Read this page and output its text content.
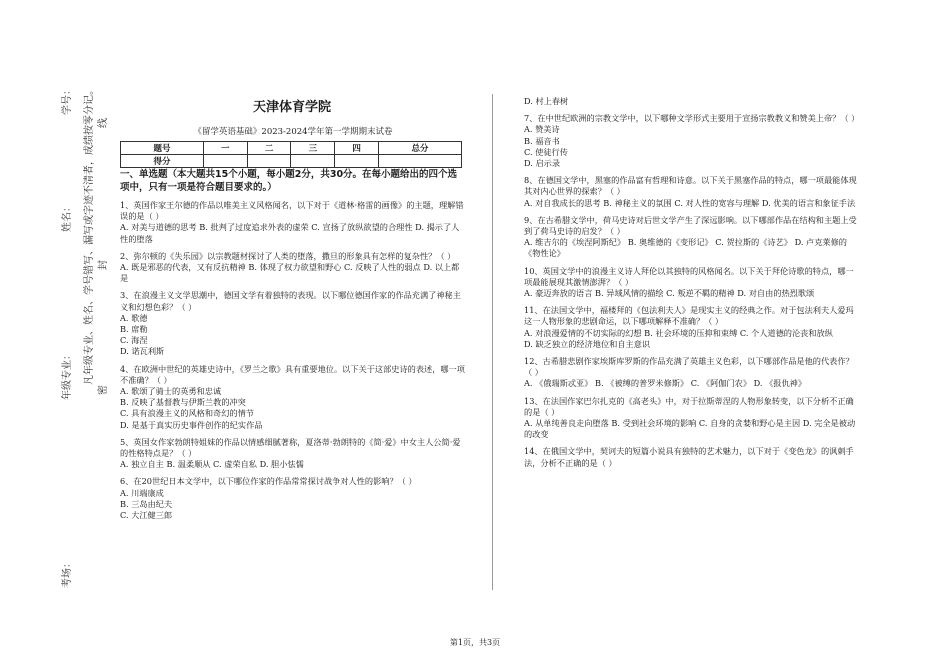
学号：
姓名：
年级专业：
考场：
凡年级专业、姓名、学号错写、漏写或字迹不清者，成绩按零分记。 线
封
密
天津体育学院
《留学英语基础》2023-2024学年第一学期期末试卷
题号	一	二	三	四	总分
得分					

一、单选题（本大题共15个小题，每小题2分，共30分。在每小题给出的四个选项中，只有一项是符合题目要求的。）

1、英国作家王尔德的作品以唯美主义风格闻名，以下对于《道林·格雷的画像》的主题，理解错误的是（ ）

A. 对美与道德的思考 B. 批判了过度追求外表的虚荣 C. 宣扬了放纵欲望的合理性 D. 揭示了人性的堕落

2、弥尔顿的《失乐园》以宗教题材探讨了人类的堕落，撒旦的形象具有怎样的复杂性？（ ）

A. 既是邪恶的代表，又有反抗精神 B. 体现了权力欲望和野心 C. 反映了人性的弱点 D. 以上都是

3、在浪漫主义文学思潮中，德国文学有着独特的表现。以下哪位德国作家的作品充满了神秘主义和幻想色彩？（ ）

A. 歌德

B. 席勒

C. 海涅

D. 诺瓦利斯

4、在欧洲中世纪的英雄史诗中，《罗兰之歌》具有重要地位。以下关于这部史诗的表述，哪一项不准确？（ ）

A. 歌颂了骑士的英勇和忠诚

B. 反映了基督教与伊斯兰教的冲突

C. 具有浪漫主义的风格和奇幻的情节

D. 是基于真实历史事件创作的纪实作品

5、英国女作家勃朗特姐妹的作品以情感细腻著称，夏洛蒂·勃朗特的《简·爱》中女主人公简·爱的性格特点是？（ ）

A. 独立自主 B. 温柔顺从 C. 虚荣自私 D. 胆小怯懦

6、在20世纪日本文学中，以下哪位作家的作品常常探讨战争对人性的影响？（ ）

A. 川端康成

B. 三岛由纪夫

C. 大江健三郎

D. 村上春树

7、在中世纪欧洲的宗教文学中，以下哪种文学形式主要用于宣扬宗教教义和赞美上帝？（ ）

A. 赞美诗

B. 福音书

C. 使徒行传

D. 启示录

8、在德国文学中，黑塞的作品富有哲理和诗意。以下关于黑塞作品的特点，哪一项最能体现其对内心世界的探索？（ ）

A. 对自我成长的思考 B. 神秘主义的氛围 C. 对人性的宽容与理解 D. 优美的语言和象征手法

9、在古希腊文学中，荷马史诗对后世文学产生了深远影响。以下哪部作品在结构和主题上受到了荷马史诗的启发？（ ）

A. 维吉尔的《埃涅阿斯纪》 B. 奥维德的《变形记》 C. 贺拉斯的《诗艺》 D. 卢克莱修的《物性论》

10、英国文学中的浪漫主义诗人拜伦以其独特的风格闻名。以下关于拜伦诗歌的特点，哪一项最能展现其激情澎湃？（ ）

A. 豪迈奔放的语言 B. 异域风情的描绘 C. 叛逆不羁的精神 D. 对自由的热烈歌颂

11、在法国文学中，福楼拜的《包法利夫人》是现实主义的经典之作。对于包法利夫人爱玛这一人物形象的悲剧命运，以下哪项解释不准确？（ ）

A. 对浪漫爱情的不切实际的幻想 B. 社会环境的压抑和束缚 C. 个人道德的沦丧和放纵

D. 缺乏独立的经济地位和自主意识

12、古希腊悲剧作家埃斯库罗斯的作品充满了英雄主义色彩，以下哪部作品是他的代表作？（ ）

A. 《俄瑞斯忒亚》 B. 《被缚的普罗米修斯》 C. 《阿伽门农》 D. 《报仇神》

13、在法国作家巴尔扎克的《高老头》中，对于拉斯蒂涅的人物形象转变，以下分析不正确的是（ ）

A. 从单纯善良走向堕落 B. 受到社会环境的影响 C. 自身的贪婪和野心是主因 D. 完全是被动的改变

14、在俄国文学中，契诃夫的短篇小说具有独特的艺术魅力，以下对于《变色龙》的讽刺手法，分析不正确的是（ ）

第1页，共3页
